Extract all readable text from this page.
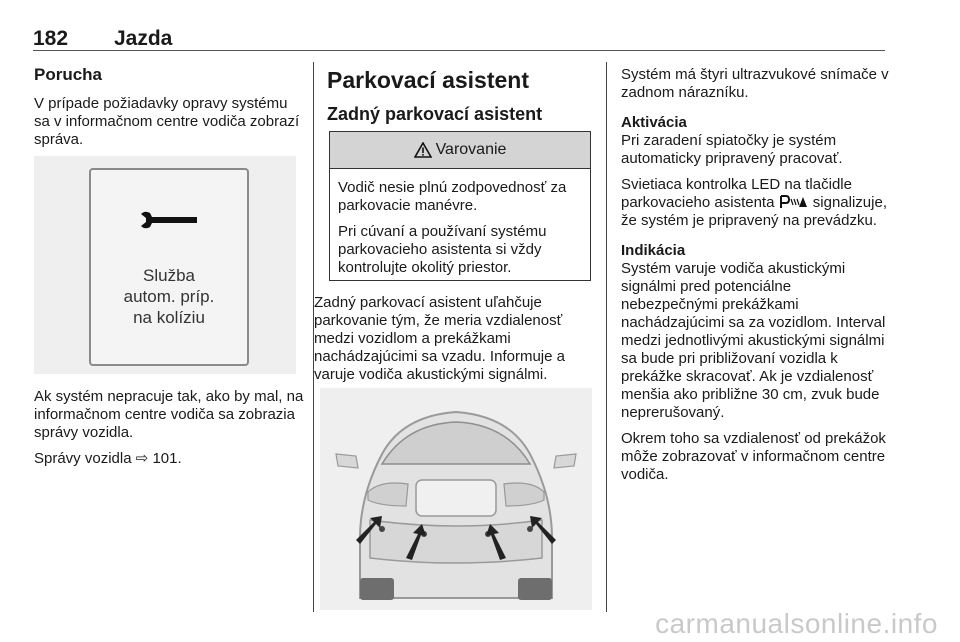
182 Jazda
Porucha

V prípade požiadavky opravy systému sa v informačnom centre vodiča zobrazí správa.

Služba
autom. príp.
na kolíziu

Ak systém nepracuje tak, ako by mal, na informačnom centre vodiča sa zobrazia správy vozidla.

Správy vozidla ⇨ 101.

Parkovací asistent
Zadný parkovací asistent
Varovanie

Vodič nesie plnú zodpovednosť za parkovacie manévre.

Pri cúvaní a používaní systému parkovacieho asistenta si vždy kontrolujte okolitý priestor.

Zadný parkovací asistent uľahčuje parkovanie tým, že meria vzdialenosť medzi vozidlom a prekážkami nachádzajúcimi sa vzadu. Informuje a varuje vodiča akustickými signálmi.

Systém má štyri ultrazvukové snímače v zadnom nárazníku.

Aktivácia

Pri zaradení spiatočky je systém automaticky pripravený pracovať.

Svietiaca kontrolka LED na tlačidle parkovacieho asistenta	signalizuje, že systém je pripravený na prevádzku.

Indikácia

Systém varuje vodiča akustickými signálmi pred potenciálne nebezpečnými prekážkami nachádzajúcimi sa za vozidlom. Interval medzi jednotlivými akustickými signálmi sa bude pri približovaní vozidla k prekážke skracovať. Ak je vzdialenosť menšia ako približne 30 cm, zvuk bude neprerušovaný.

Okrem toho sa vzdialenosť od prekážok môže zobrazovať v informačnom centre vodiča.

carmanualsonline.info
